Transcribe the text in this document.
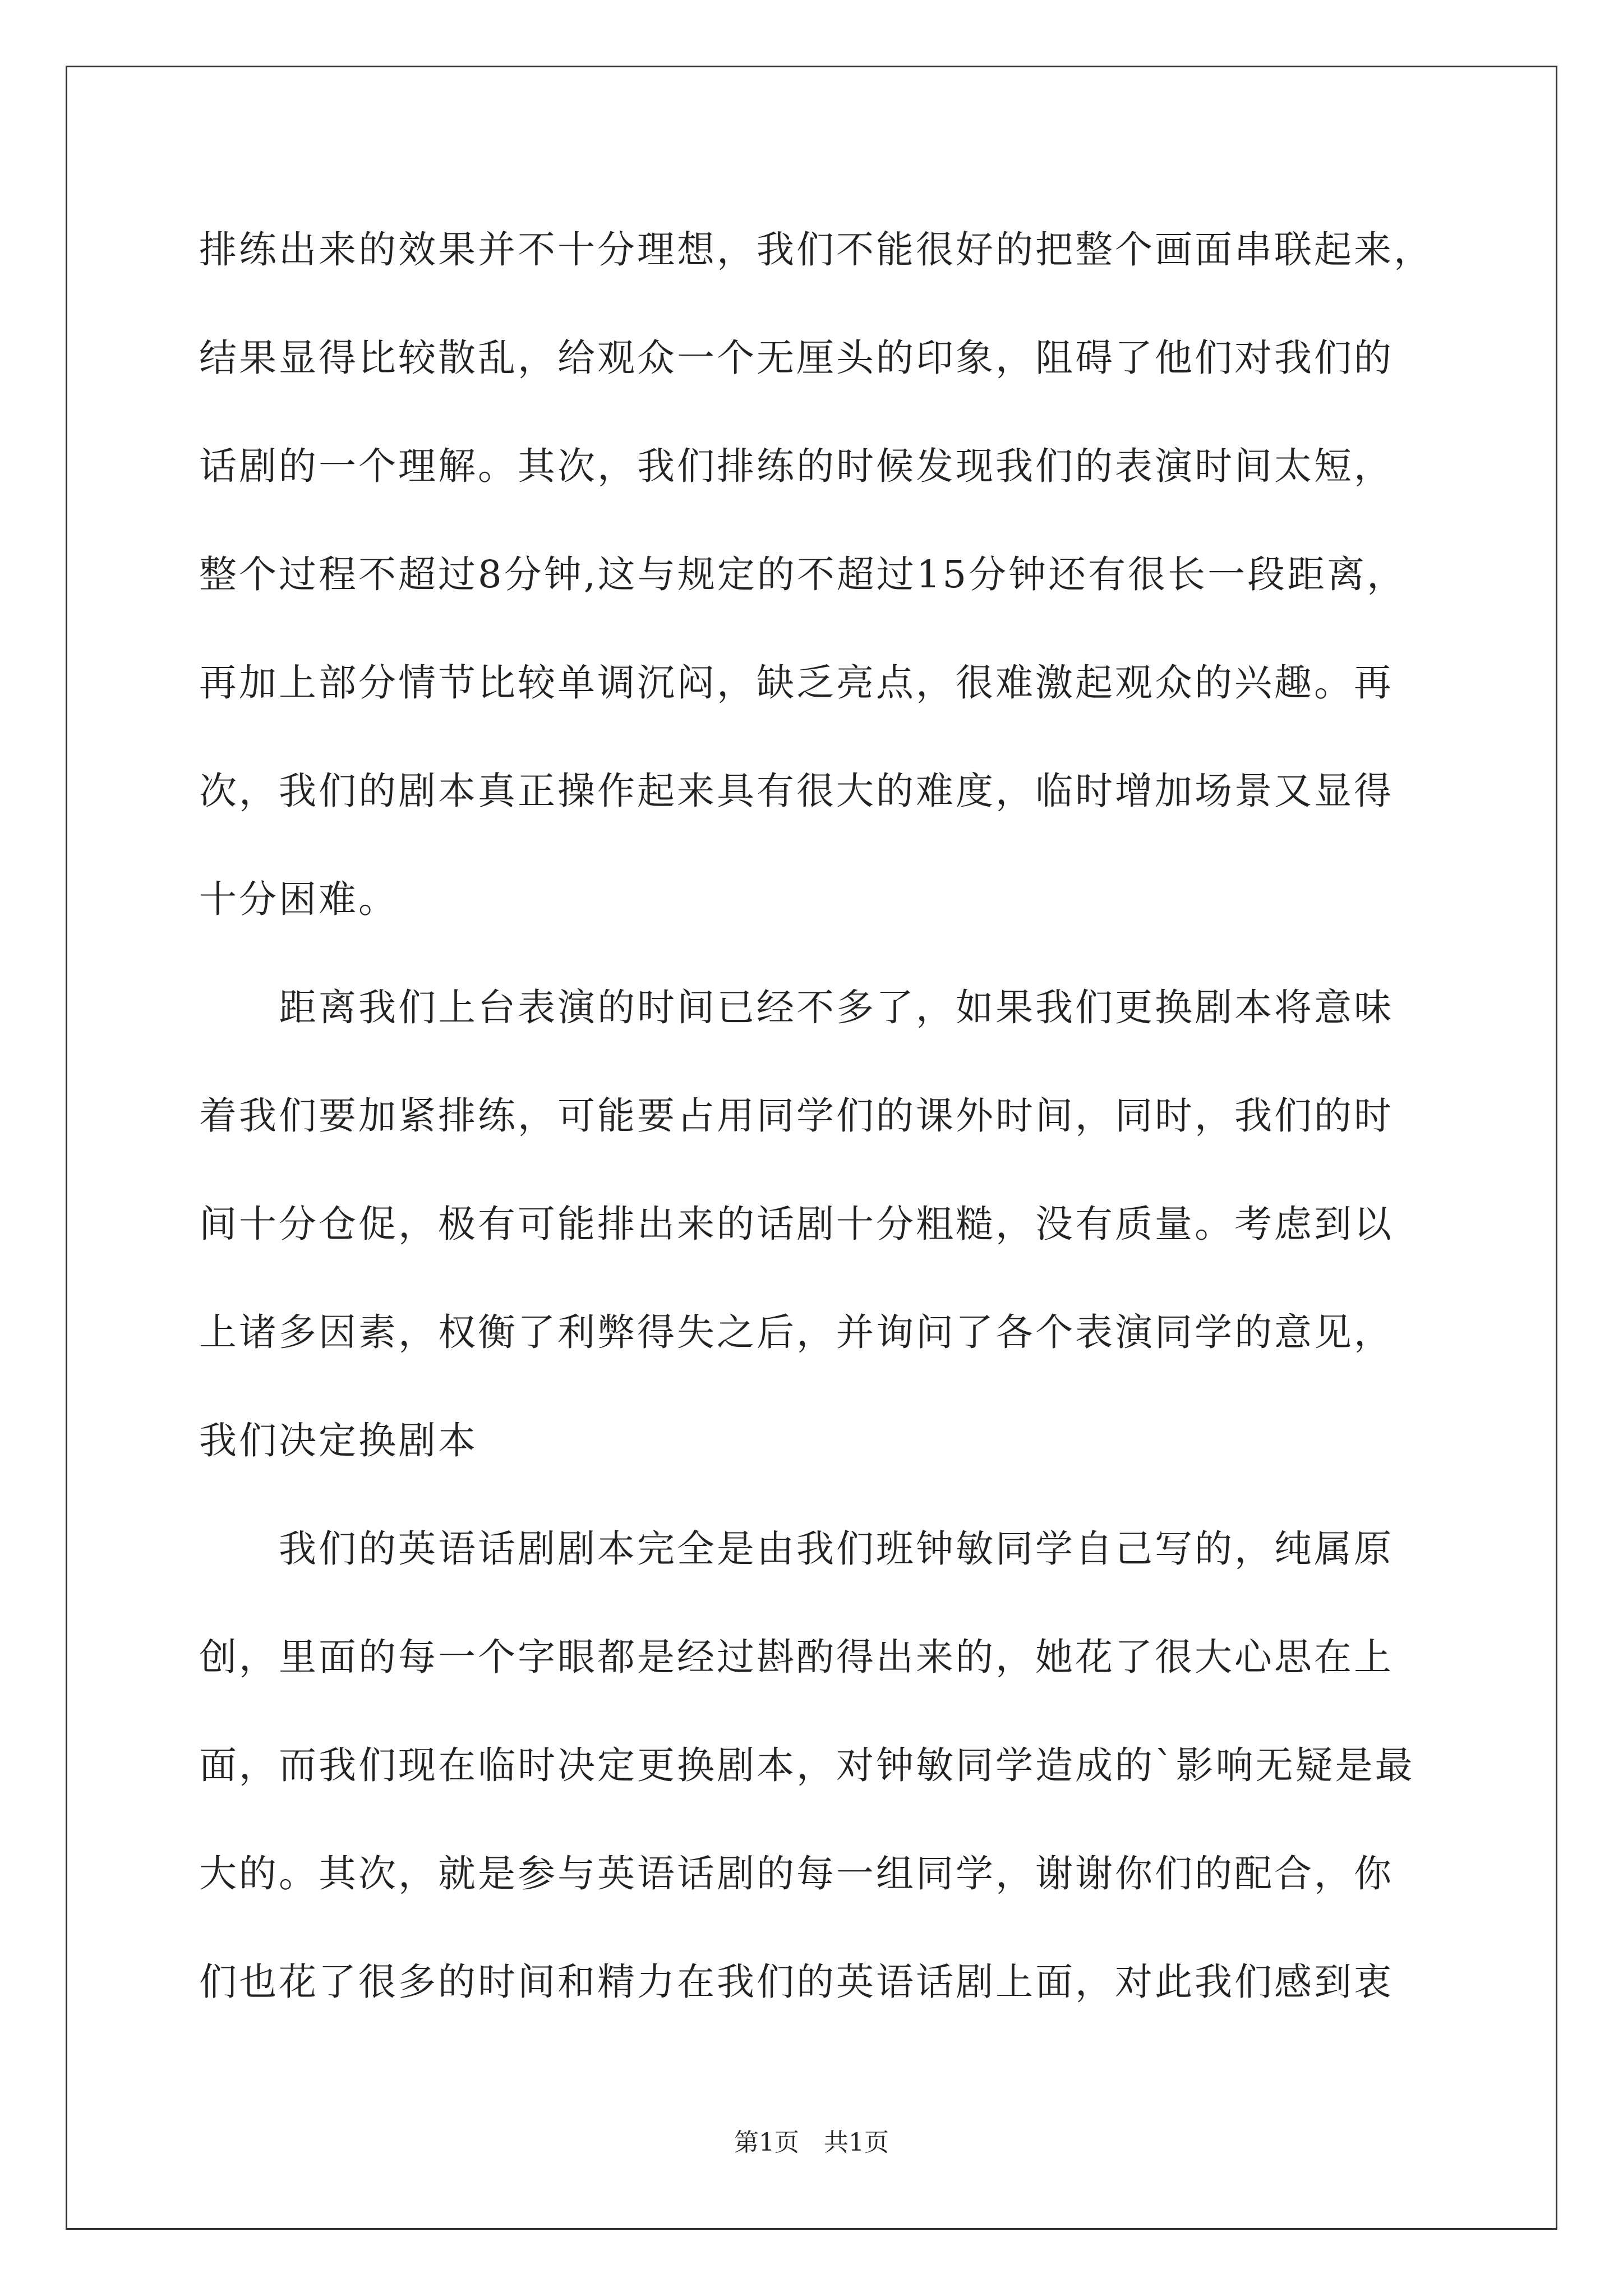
排练出来的效果并不十分理想，我们不能很好的把整个画面串联起来，
结果显得比较散乱，给观众一个无厘头的印象，阻碍了他们对我们的
话剧的一个理解。其次，我们排练的时候发现我们的表演时间太短，
整个过程不超过8分钟,这与规定的不超过15分钟还有很长一段距离，
再加上部分情节比较单调沉闷，缺乏亮点，很难激起观众的兴趣。再
次，我们的剧本真正操作起来具有很大的难度，临时增加场景又显得
十分困难。
　　距离我们上台表演的时间已经不多了，如果我们更换剧本将意味
着我们要加紧排练，可能要占用同学们的课外时间，同时，我们的时
间十分仓促，极有可能排出来的话剧十分粗糙，没有质量。考虑到以
上诸多因素，权衡了利弊得失之后，并询问了各个表演同学的意见，
我们决定换剧本
　　我们的英语话剧剧本完全是由我们班钟敏同学自己写的，纯属原
创，里面的每一个字眼都是经过斟酌得出来的，她花了很大心思在上
面，而我们现在临时决定更换剧本，对钟敏同学造成的`影响无疑是最
大的。其次，就是参与英语话剧的每一组同学，谢谢你们的配合，你
们也花了很多的时间和精力在我们的英语话剧上面，对此我们感到衷
第1页　共1页
